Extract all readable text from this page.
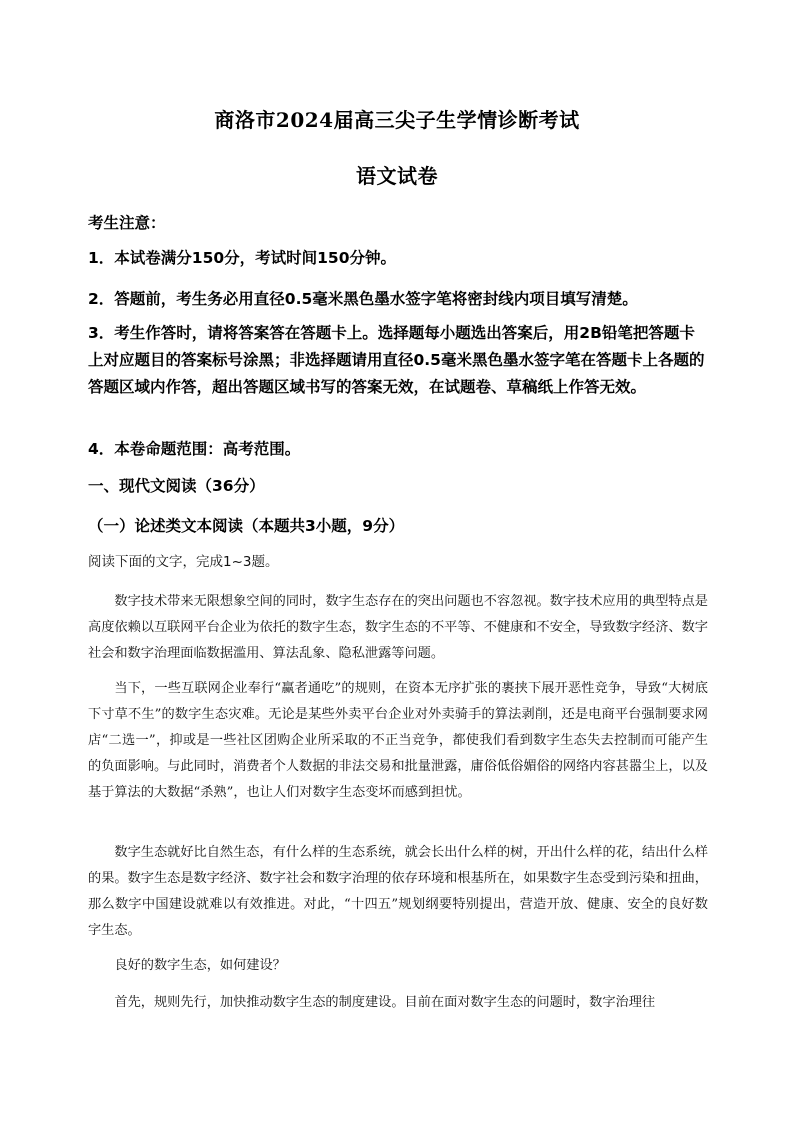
商洛市2024届高三尖子生学情诊断考试
语文试卷

考生注意：

1．本试卷满分150分，考试时间150分钟。

2．答题前，考生务必用直径0.5毫米黑色墨水签字笔将密封线内项目填写清楚。

3．考生作答时，请将答案答在答题卡上。选择题每小题选出答案后，用2B铅笔把答题卡上对应题目的答案标号涂黑；非选择题请用直径0.5毫米黑色墨水签字笔在答题卡上各题的答题区域内作答，超出答题区域书写的答案无效，在试题卷、草稿纸上作答无效。

4．本卷命题范围：高考范围。

一、现代文阅读（36分）

（一）论述类文本阅读（本题共3小题，9分）

阅读下面的文字，完成1~3题。

数字技术带来无限想象空间的同时，数字生态存在的突出问题也不容忽视。数字技术应用的典型特点是高度依赖以互联网平台企业为依托的数字生态，数字生态的不平等、不健康和不安全，导致数字经济、数字社会和数字治理面临数据滥用、算法乱象、隐私泄露等问题。

当下，一些互联网企业奉行“赢者通吃”的规则，在资本无序扩张的裹挟下展开恶性竞争，导致“大树底下寸草不生”的数字生态灾难。无论是某些外卖平台企业对外卖骑手的算法剥削，还是电商平台强制要求网店“二选一”，抑或是一些社区团购企业所采取的不正当竞争，都使我们看到数字生态失去控制而可能产生的负面影响。与此同时，消费者个人数据的非法交易和批量泄露，庸俗低俗媚俗的网络内容甚嚣尘上，以及基于算法的大数据“杀熟”，也让人们对数字生态变坏而感到担忧。

数字生态就好比自然生态，有什么样的生态系统，就会长出什么样的树，开出什么样的花，结出什么样的果。数字生态是数字经济、数字社会和数字治理的依存环境和根基所在，如果数字生态受到污染和扭曲，那么数字中国建设就难以有效推进。对此，“十四五”规划纲要特别提出，营造开放、健康、安全的良好数字生态。

良好的数字生态，如何建设？

首先，规则先行，加快推动数字生态的制度建设。目前在面对数字生态的问题时，数字治理往
